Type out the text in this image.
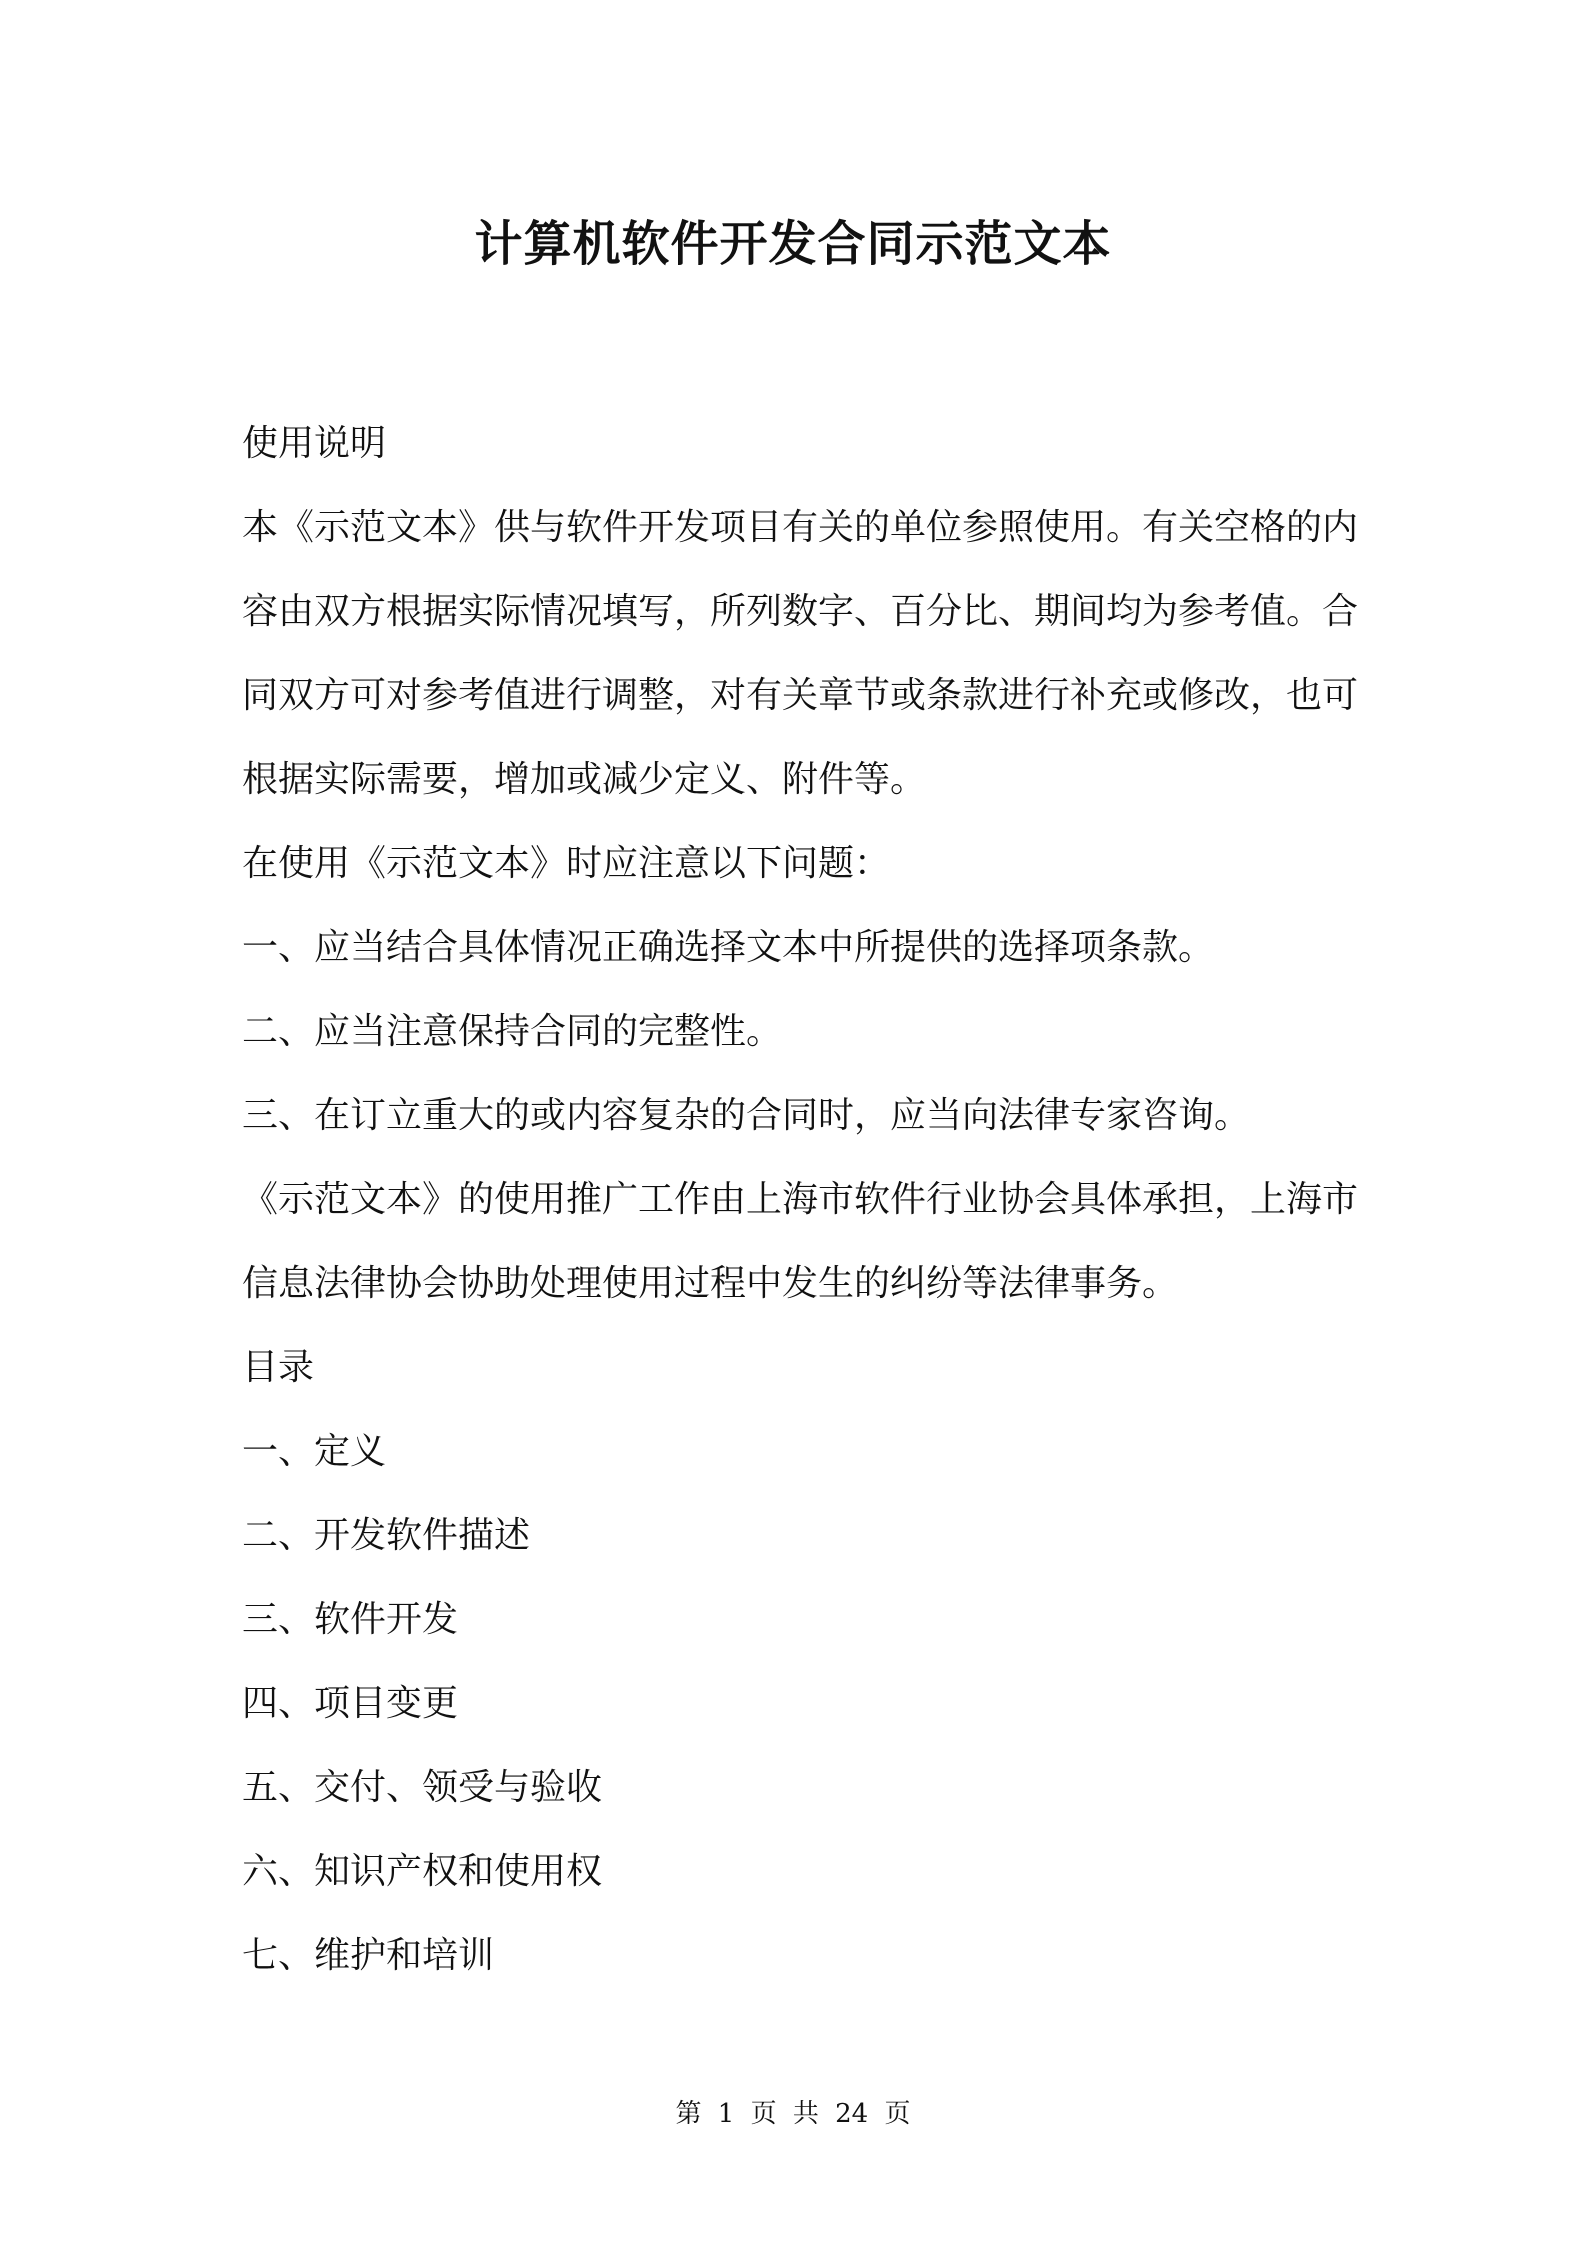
计算机软件开发合同示范文本

使用说明

本《示范文本》供与软件开发项目有关的单位参照使用。有关空格的内容由双方根据实际情况填写，所列数字、百分比、期间均为参考值。合同双方可对参考值进行调整，对有关章节或条款进行补充或修改，也可根据实际需要，增加或减少定义、附件等。

在使用《示范文本》时应注意以下问题：

一、应当结合具体情况正确选择文本中所提供的选择项条款。

二、应当注意保持合同的完整性。

三、在订立重大的或内容复杂的合同时，应当向法律专家咨询。

《示范文本》的使用推广工作由上海市软件行业协会具体承担，上海市信息法律协会协助处理使用过程中发生的纠纷等法律事务。

目录

一、定义
二、开发软件描述
三、软件开发
四、项目变更
五、交付、领受与验收
六、知识产权和使用权
七、维护和培训
第 1 页 共 24 页
